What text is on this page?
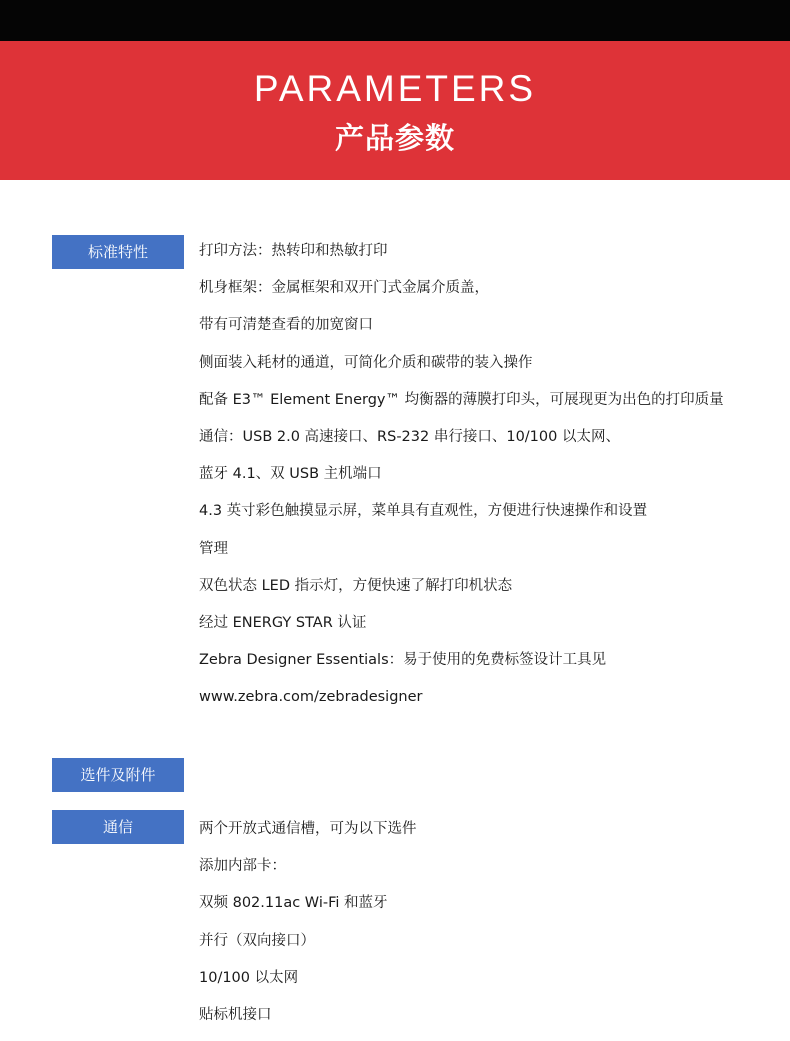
PARAMETERS
产品参数
标准特性	打印方法：热转印和热敏打印
机身框架：金属框架和双开门式金属介质盖，
带有可清楚查看的加宽窗口
侧面装入耗材的通道，可简化介质和碳带的装入操作
配备 E3™ Element Energy™ 均衡器的薄膜打印头，可展现更为出色的打印质量
通信：USB 2.0 高速接口、RS-232 串行接口、10/100 以太网、
蓝牙 4.1、双 USB 主机端口
4.3 英寸彩色触摸显示屏，菜单具有直观性，方便进行快速操作和设置
管理
双色状态 LED 指示灯，方便快速了解打印机状态
经过 ENERGY STAR 认证
Zebra Designer Essentials：易于使用的免费标签设计工具见
www.zebra.com/zebradesigner
选件及附件
通信	两个开放式通信槽，可为以下选件
添加内部卡：
双频 802.11ac Wi-Fi 和蓝牙
并行（双向接口）
10/100 以太网
贴标机接口
